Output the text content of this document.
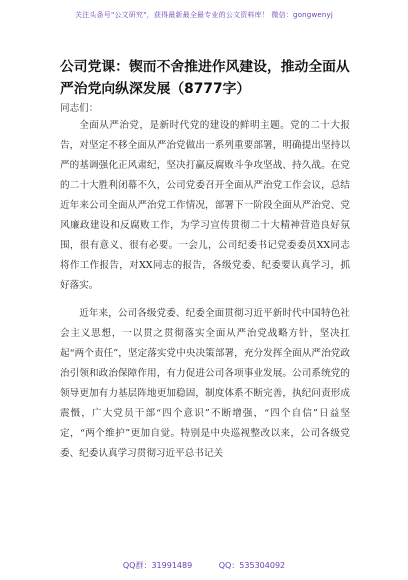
关注头条号"公文研究"，获得最新最全最专业的公文资料库！ 微信：gongwenyj
公司党课：锲而不舍推进作风建设，推动全面从严治党向纵深发展（8777字）
同志们：

全面从严治党，是新时代党的建设的鲜明主题。党的二十大报告，对坚定不移全面从严治党做出一系列重要部署，明确提出坚持以严的基调强化正风肃纪，坚决打赢反腐败斗争攻坚战、持久战。在党的二十大胜利闭幕不久，公司党委召开全面从严治党工作会议，总结近年来公司全面从严治党工作情况，部署下一阶段全面从严治党、党风廉政建设和反腐败工作，为学习宣传贯彻二十大精神营造良好氛围，很有意义、很有必要。一会儿，公司纪委书记党委委员XX同志将作工作报告，对XX同志的报告，各级党委、纪委要认真学习，抓好落实。

近年来，公司各级党委、纪委全面贯彻习近平新时代中国特色社会主义思想，一以贯之贯彻落实全面从严治党战略方针，坚决扛起“两个责任”，坚定落实党中央决策部署，充分发挥全面从严治党政治引领和政治保障作用，有力促进公司各项事业发展。公司系统党的领导更加有力基层阵地更加稳固，制度体系不断完善，执纪问责形成震慑，广大党员干部“四个意识”不断增强，“四个自信”日益坚定，“两个维护”更加自觉。特别是中央巡视整改以来，公司各级党委、纪委认真学习贯彻习近平总书记关

QQ群：31991489	QQ：535304092
